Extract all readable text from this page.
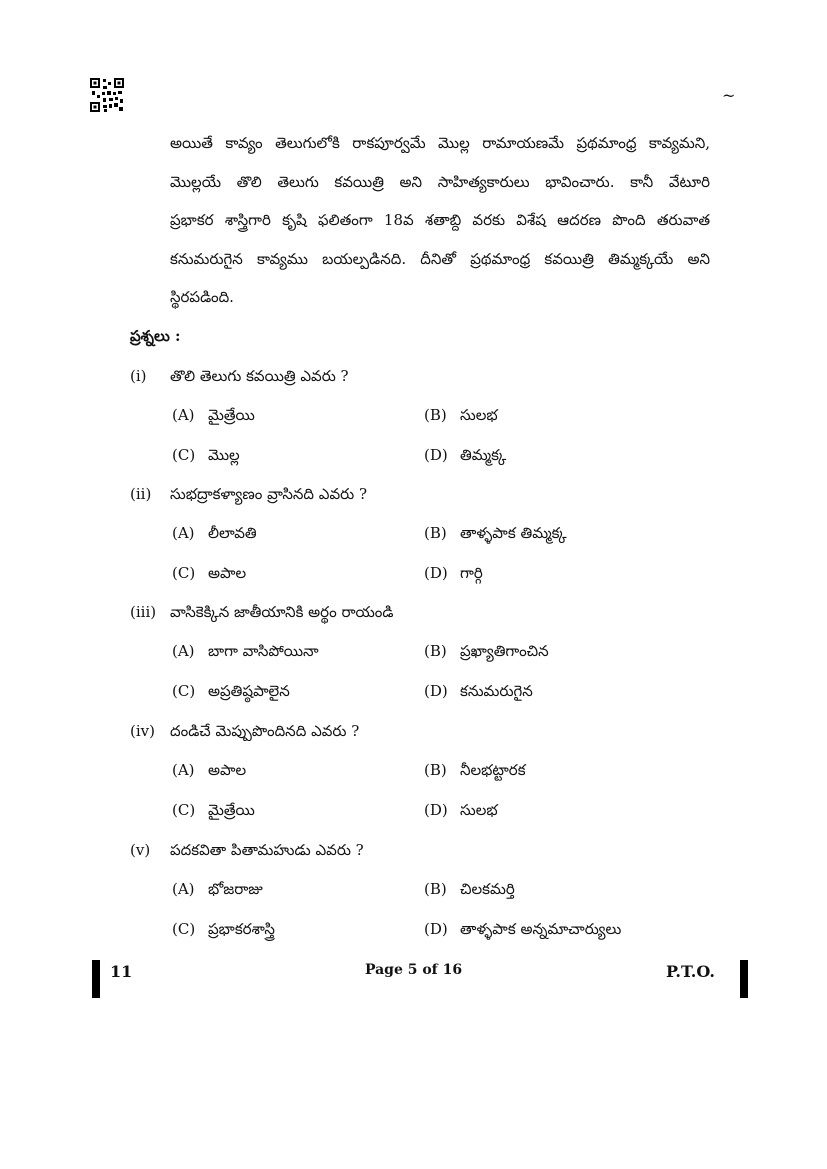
~
అయితే కావ్యం తెలుగులోకి రాకపూర్వమే మొల్ల రామాయణమే ప్రథమాంధ్ర కావ్యమని,
మొల్లయే తొలి తెలుగు కవయిత్రి అని సాహిత్యకారులు భావించారు. కానీ వేటూరి
ప్రభాకర శాస్త్రిగారి కృషి ఫలితంగా 18వ శతాబ్ది వరకు విశేష ఆదరణ పొంది తరువాత
కనుమరుగైన కావ్యము బయల్పడినది. దీనితో ప్రథమాంధ్ర కవయిత్రి తిమ్మక్కయే అని
స్థిరపడింది.
ప్రశ్నలు :
(i) తొలి తెలుగు కవయిత్రి ఎవరు ?
(A) మైత్రేయి	(B) సులభ
(C) మొల్ల	(D) తిమ్మక్క
(ii) సుభద్రాకళ్యాణం వ్రాసినది ఎవరు ?
(A) లీలావతి	(B) తాళ్ళపాక తిమ్మక్క
(C) అపాల	(D) గార్గి
(iii) వాసికెక్కిన జాతీయానికి అర్థం రాయండి
(A) బాగా వాసిపోయినా	(B) ప్రఖ్యాతిగాంచిన
(C) అప్రతిష్ఠపాలైన	(D) కనుమరుగైన
(iv) దండిచే మెప్పుపొందినది ఎవరు ?
(A) అపాల	(B) నీలభట్టారక
(C) మైత్రేయి	(D) సులభ
(v) పదకవితా పితామహుడు ఎవరు ?
(A) భోజరాజు	(B) చిలకమర్తి
(C) ప్రభాకరశాస్త్రి	(D) తాళ్ళపాక అన్నమాచార్యులు
11	Page 5 of 16	P.T.O.
